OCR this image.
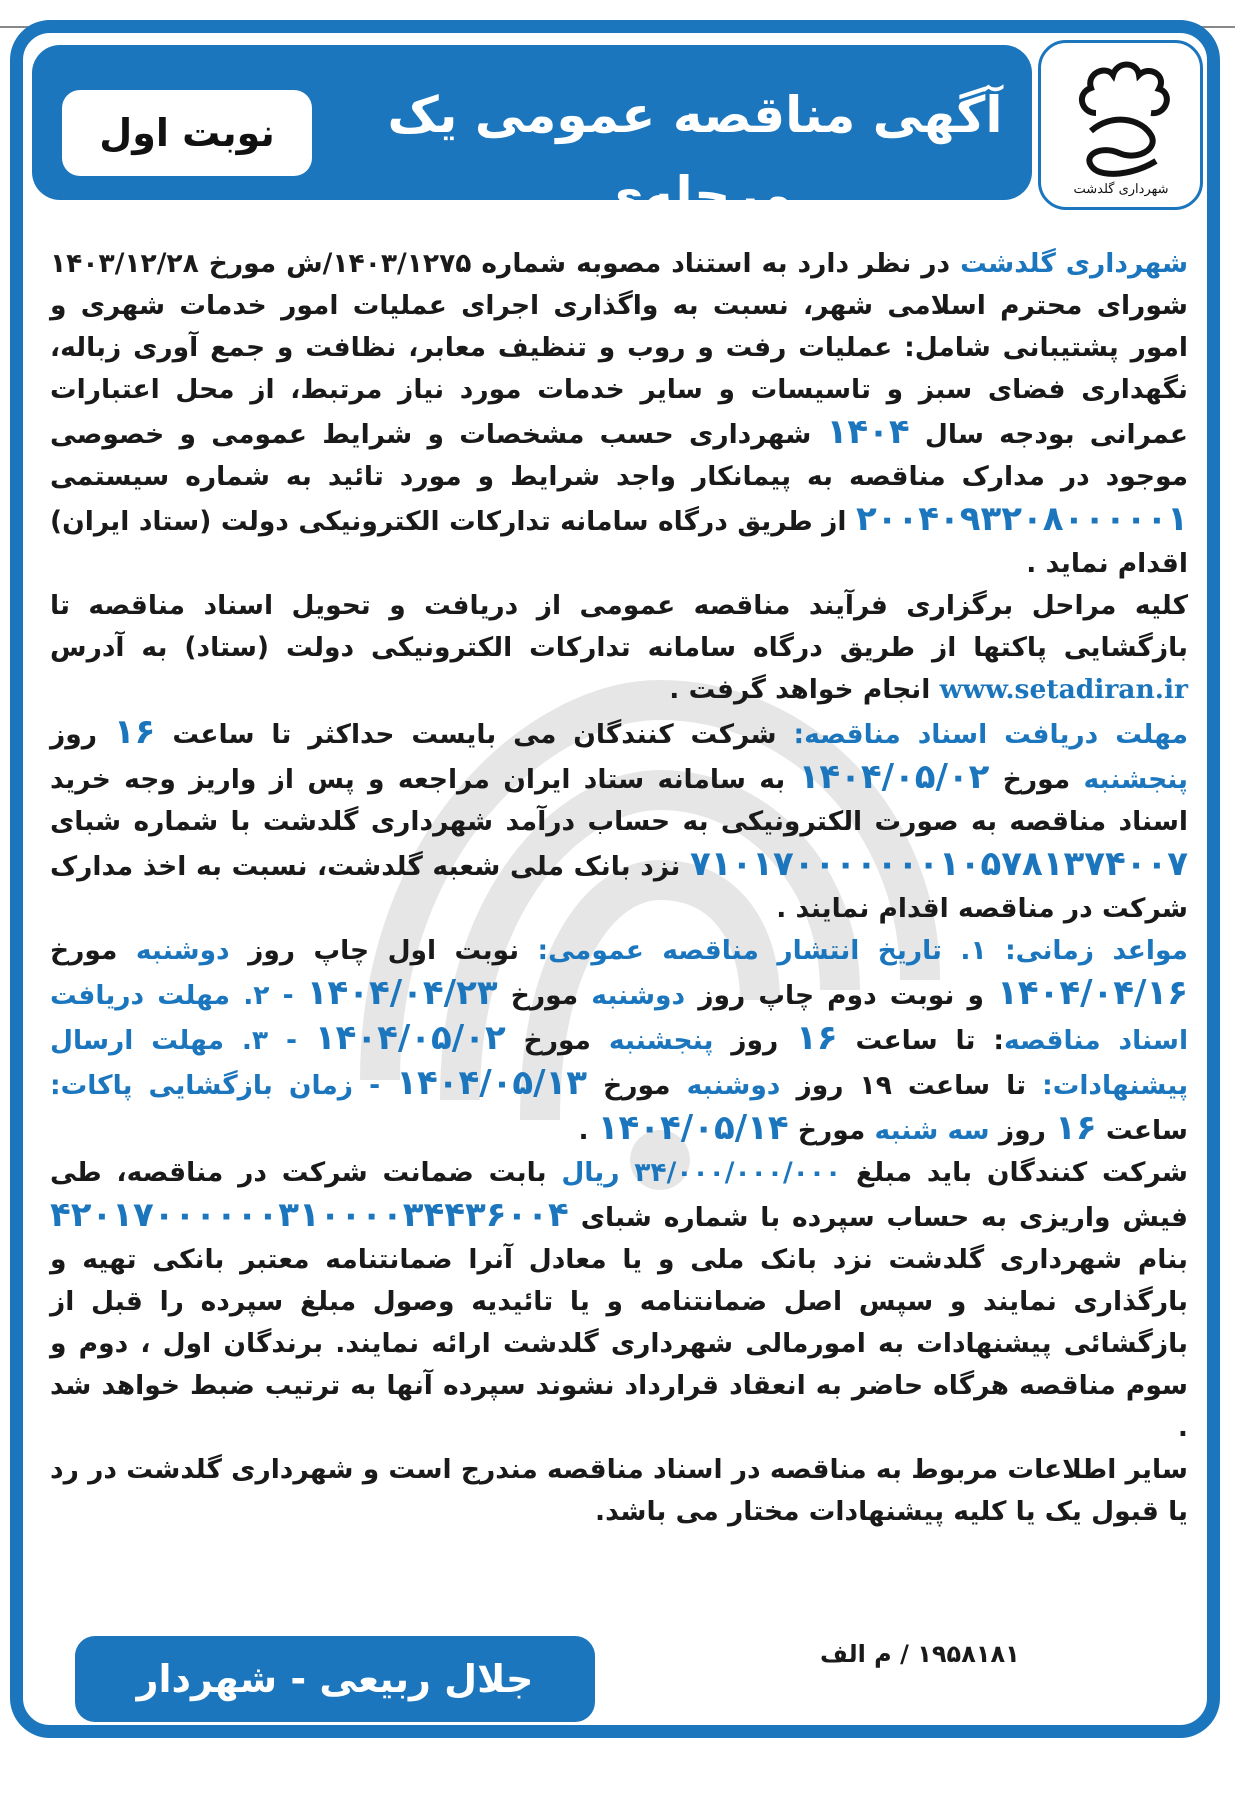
شهرداری گلدشت
آگهی مناقصه عمومی یک مرحله‌ی
نوبت اول

شهرداری گلدشت در نظر دارد به استناد مصوبه شماره ۱۴۰۳/۱۲۷۵/ش مورخ ۱۴۰۳/۱۲/۲۸ شورای محترم اسلامی شهر، نسبت به واگذاری اجرای عملیات امور خدمات شهری و امور پشتیبانی شامل: عملیات رفت و روب و تنظیف معابر، نظافت و جمع آوری زباله، نگهداری فضای سبز و تاسیسات و سایر خدمات مورد نیاز مرتبط، از محل اعتبارات عمرانی بودجه سال ۱۴۰۴ شهرداری حسب مشخصات و شرایط عمومی و خصوصی موجود در مدارک مناقصه به پیمانکار واجد شرایط و مورد تائید به شماره سیستمی ۲۰۰۴۰۹۳۲۰۸۰۰۰۰۰۱ از طریق درگاه سامانه تدارکات الکترونیکی دولت (ستاد ایران) اقدام نماید .

کلیه مراحل برگزاری فرآیند مناقصه عمومی از دریافت و تحویل اسناد مناقصه تا بازگشایی پاکتها از طریق درگاه سامانه تدارکات الکترونیکی دولت (ستاد) به آدرس www.setadiran.ir انجام خواهد گرفت .

مهلت دریافت اسناد مناقصه: شرکت کنندگان می بایست حداکثر تا ساعت ۱۶ روز پنجشنبه مورخ ۱۴۰۴/۰۵/۰۲ به سامانه ستاد ایران مراجعه و پس از واریز وجه خرید اسناد مناقصه به صورت الکترونیکی به حساب درآمد شهرداری گلدشت با شماره شبای ۷۱۰۱۷۰۰۰۰۰۰۰۱۰۵۷۸۱۳۷۴۰۰۷ نزد بانک ملی شعبه گلدشت، نسبت به اخذ مدارک شرکت در مناقصه اقدام نمایند .

مواعد زمانی: ۱. تاریخ انتشار مناقصه عمومی: نوبت اول چاپ روز دوشنبه مورخ ۱۴۰۴/۰۴/۱۶ و نوبت دوم چاپ روز دوشنبه مورخ ۱۴۰۴/۰۴/۲۳ - ۲. مهلت دریافت اسناد مناقصه: تا ساعت ۱۶ روز پنجشنبه مورخ ۱۴۰۴/۰۵/۰۲ - ۳. مهلت ارسال پیشنهادات: تا ساعت ۱۹ روز دوشنبه مورخ ۱۴۰۴/۰۵/۱۳ - زمان بازگشایی پاکات: ساعت ۱۶ روز سه شنبه مورخ ۱۴۰۴/۰۵/۱۴ .

شرکت کنندگان باید مبلغ ۳۴/۰۰۰/۰۰۰/۰۰۰ ریال بابت ضمانت شرکت در مناقصه، طی فیش واریزی به حساب سپرده با شماره شبای ۴۲۰۱۷۰۰۰۰۰۰۳۱۰۰۰۰۳۴۴۳۶۰۰۴ بنام شهرداری گلدشت نزد بانک ملی و یا معادل آنرا ضمانتنامه معتبر بانکی تهیه و بارگذاری نمایند و سپس اصل ضمانتنامه و یا تائیدیه وصول مبلغ سپرده را قبل از بازگشائی پیشنهادات به امورمالی شهرداری گلدشت ارائه نمایند. برندگان اول ، دوم و سوم مناقصه هرگاه حاضر به انعقاد قرارداد نشوند سپرده آنها به ترتیب ضبط خواهد شد .

سایر اطلاعات مربوط به مناقصه در اسناد مناقصه مندرج است و شهرداری گلدشت در رد یا قبول یک یا کلیه پیشنهادات مختار می باشد.

۱۹۵۸۱۸۱ / م الف
جلال ربیعی - شهردار گلدشت
